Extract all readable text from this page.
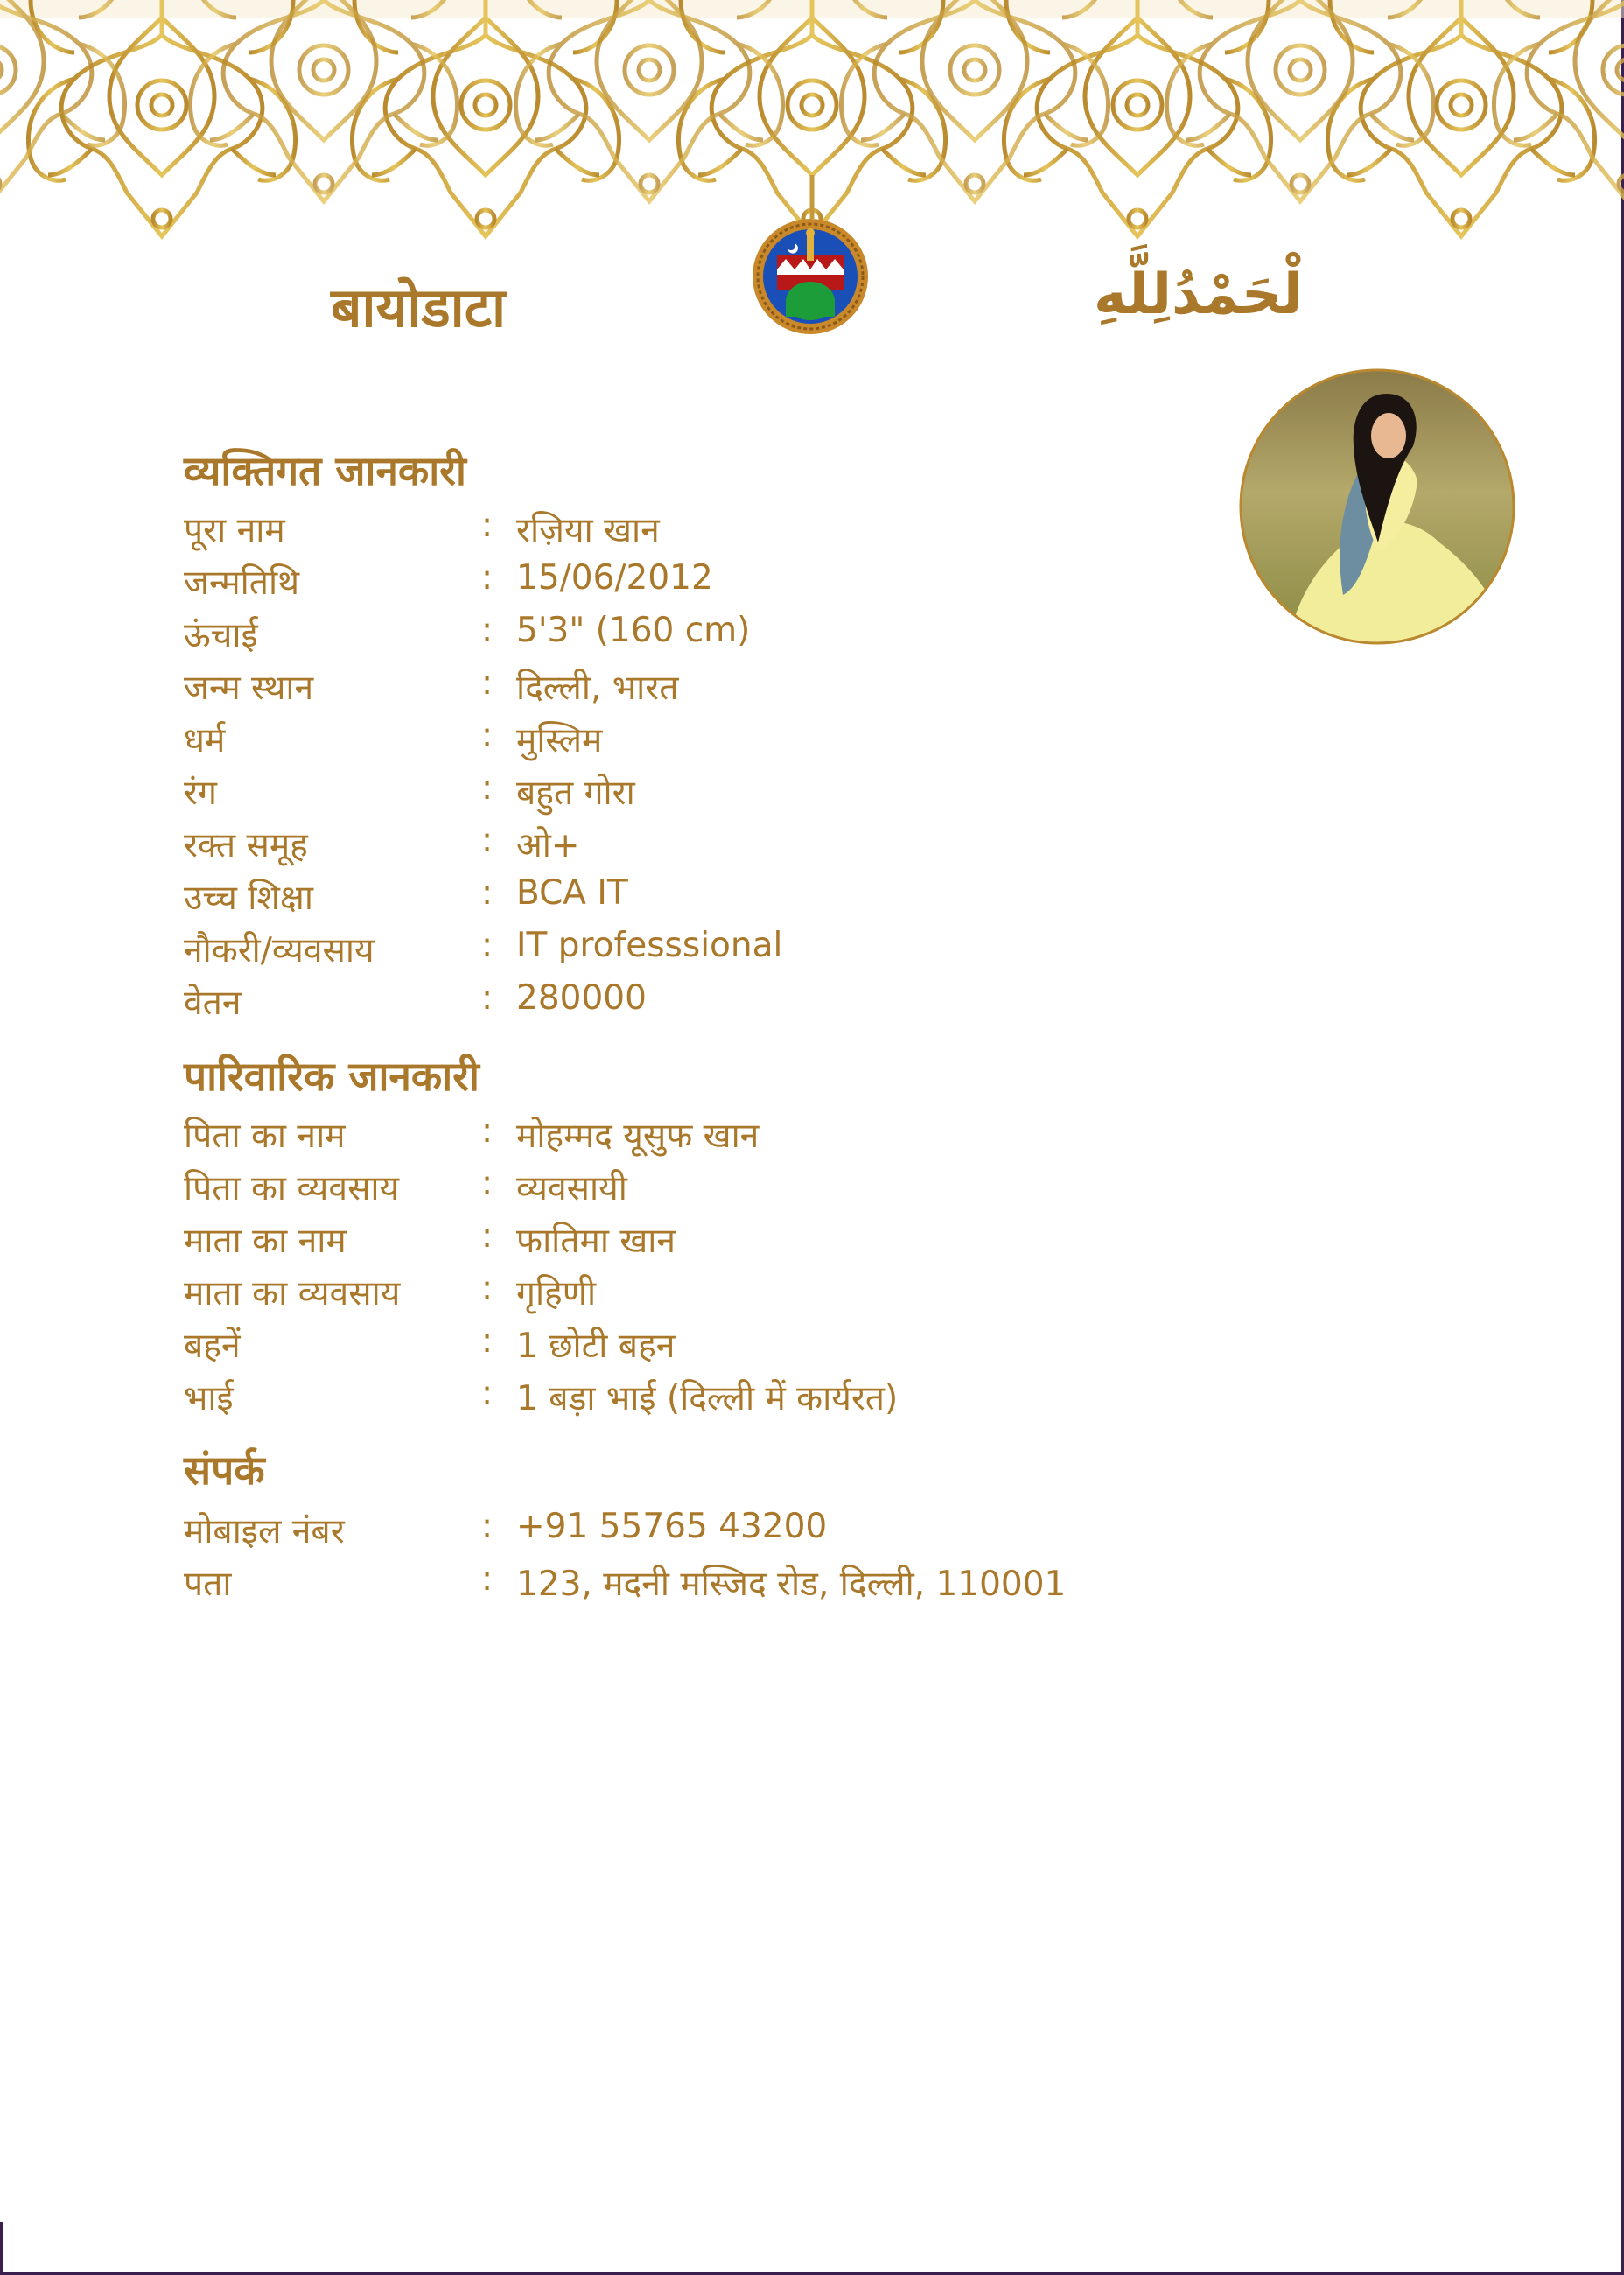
बायोडाटा	لْحَمْدُلِلَّهِ
व्यक्तिगत जानकारी
पूरा नाम	: रज़िया खान
जन्मतिथि	: 15/06/2012
ऊंचाई	: 5'3" (160 cm)
जन्म स्थान	: दिल्ली, भारत
धर्म	: मुस्लिम
रंग	: बहुत गोरा
रक्त समूह	: ओ+
उच्च शिक्षा	: BCA IT
नौकरी/व्यवसाय	: IT professsional
वेतन	: 280000
पारिवारिक जानकारी
पिता का नाम	: मोहम्मद यूसुफ खान
पिता का व्यवसाय : व्यवसायी
माता का नाम	: फातिमा खान
माता का व्यवसाय : गृहिणी
बहनें	: 1 छोटी बहन
भाई	: 1 बड़ा भाई (दिल्ली में कार्यरत)
संपर्क
मोबाइल नंबर	: +91 55765 43200
पता	: 123, मदनी मस्जिद रोड, दिल्ली, 110001
